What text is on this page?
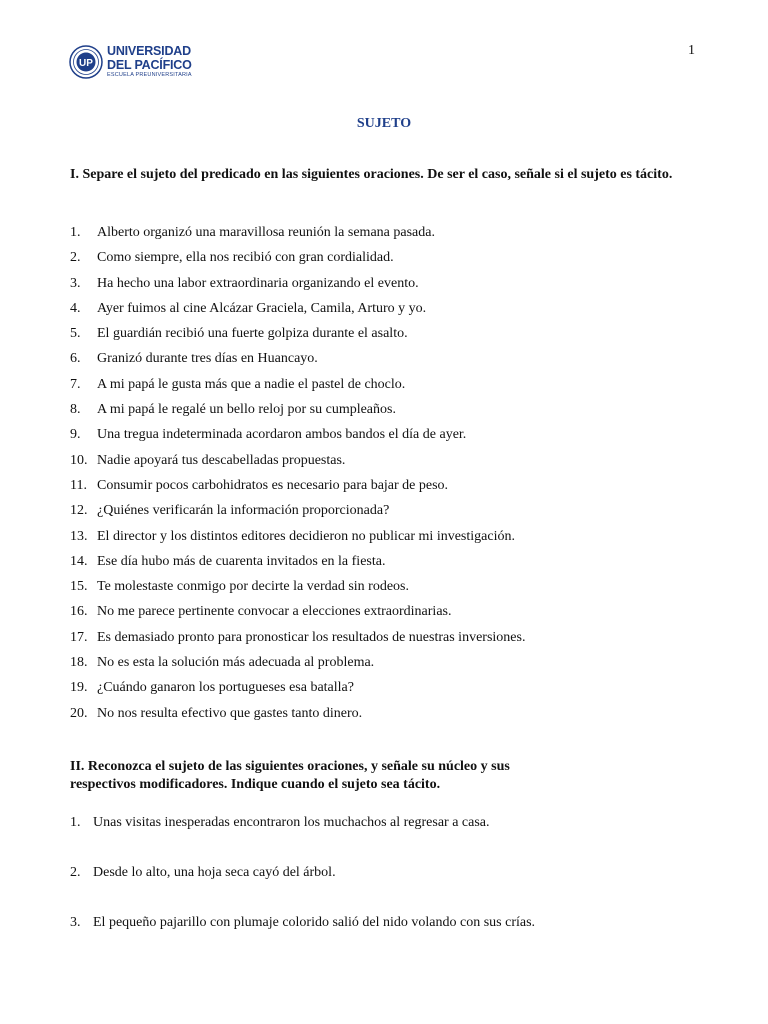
1
UP
UNIVERSIDAD
DEL PACÍFICO
ESCUELA PREUNIVERSITARIA
SUJETO
I. Separe el sujeto del predicado en las siguientes oraciones. De ser el caso, señale si el sujeto es tácito.
1. Alberto organizó una maravillosa reunión la semana pasada.
2. Como siempre, ella nos recibió con gran cordialidad.
3. Ha hecho una labor extraordinaria organizando el evento.
4. Ayer fuimos al cine Alcázar Graciela, Camila, Arturo y yo.
5. El guardián recibió una fuerte golpiza durante el asalto.
6. Granizó durante tres días en Huancayo.
7. A mi papá le gusta más que a nadie el pastel de choclo.
8. A mi papá le regalé un bello reloj por su cumpleaños.
9. Una tregua indeterminada acordaron ambos bandos el día de ayer.
10. Nadie apoyará tus descabelladas propuestas.
11. Consumir pocos carbohidratos es necesario para bajar de peso.
12. ¿Quiénes verificarán la información proporcionada?
13. El director y los distintos editores decidieron no publicar mi investigación.
14. Ese día hubo más de cuarenta invitados en la fiesta.
15. Te molestaste conmigo por decirte la verdad sin rodeos.
16. No me parece pertinente convocar a elecciones extraordinarias.
17. Es demasiado pronto para pronosticar los resultados de nuestras inversiones.
18. No es esta la solución más adecuada al problema.
19. ¿Cuándo ganaron los portugueses esa batalla?
20. No nos resulta efectivo que gastes tanto dinero.
II. Reconozca el sujeto de las siguientes oraciones, y señale su núcleo y sus
respectivos modificadores. Indique cuando el sujeto sea tácito.
1. Unas visitas inesperadas encontraron los muchachos al regresar a casa.
2. Desde lo alto, una hoja seca cayó del árbol.
3. El pequeño pajarillo con plumaje colorido salió del nido volando con sus crías.
